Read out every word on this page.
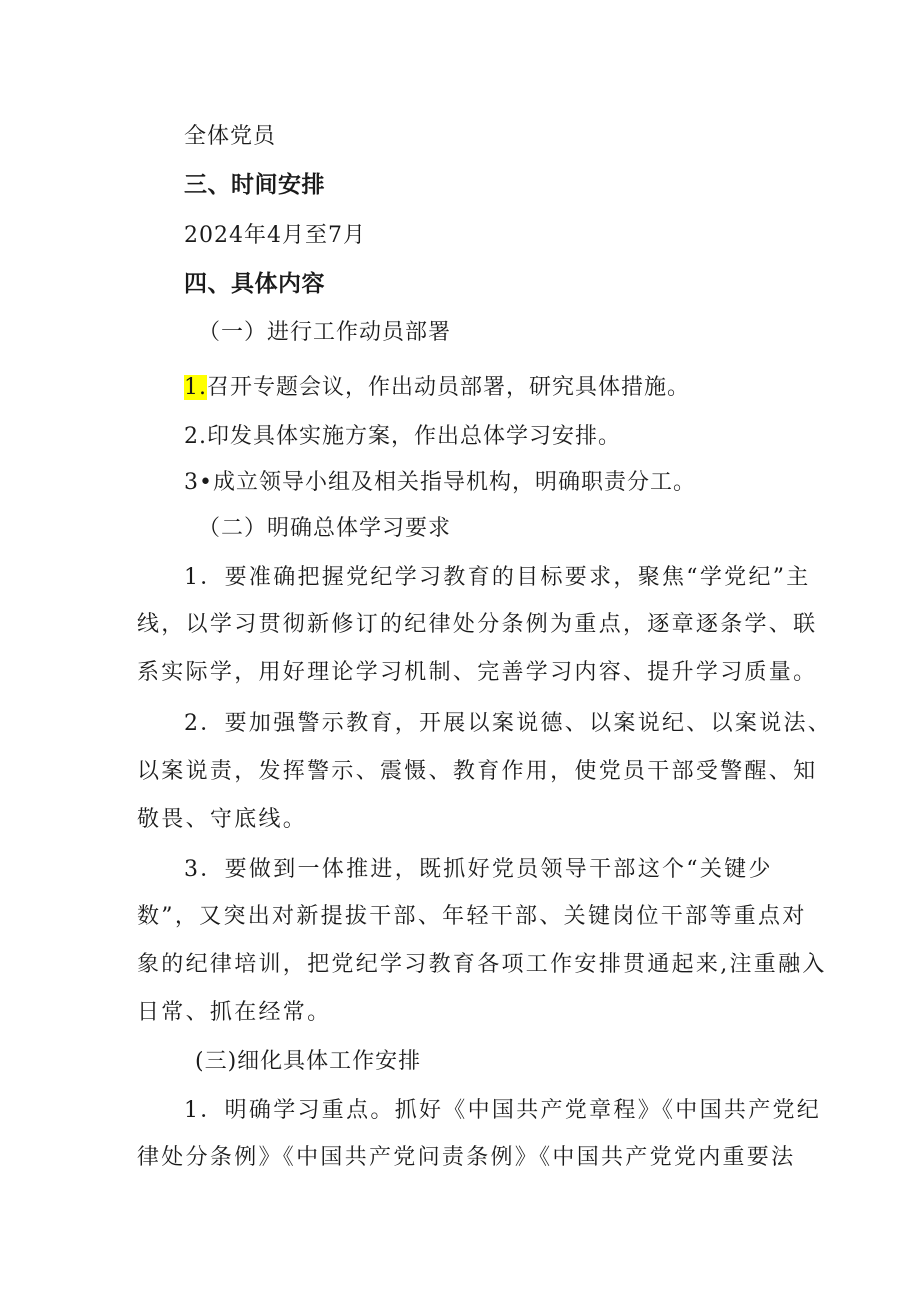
全体党员
三、时间安排
2024年4月至7月
四、具体内容
（一）进行工作动员部署
1.召开专题会议，作出动员部署，研究具体措施。
2.印发具体实施方案，作出总体学习安排。
3•成立领导小组及相关指导机构，明确职责分工。
（二）明确总体学习要求
1．要准确把握党纪学习教育的目标要求，聚焦“学党纪”主
线，以学习贯彻新修订的纪律处分条例为重点，逐章逐条学、联
系实际学，用好理论学习机制、完善学习内容、提升学习质量。
2．要加强警示教育，开展以案说德、以案说纪、以案说法、
以案说责，发挥警示、震慑、教育作用，使党员干部受警醒、知
敬畏、守底线。
3．要做到一体推进，既抓好党员领导干部这个“关键少
数”，又突出对新提拔干部、年轻干部、关键岗位干部等重点对
象的纪律培训，把党纪学习教育各项工作安排贯通起来,注重融入
日常、抓在经常。
(三)细化具体工作安排
1．明确学习重点。抓好《中国共产党章程》《中国共产党纪
律处分条例》《中国共产党问责条例》《中国共产党党内重要法
